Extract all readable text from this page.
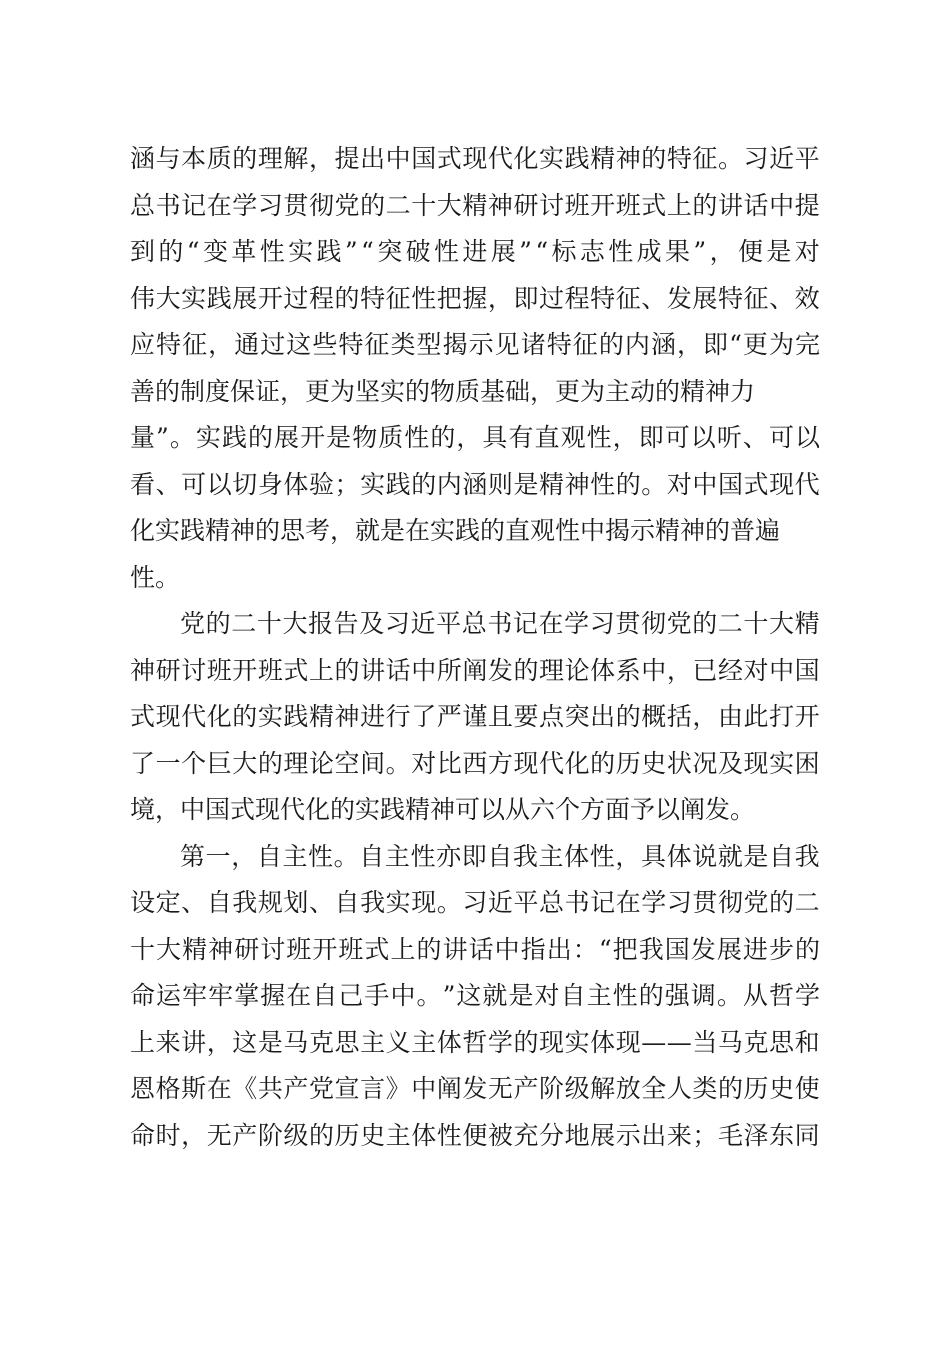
涵 与 本 质 的 理 解 ， 提 出 中 国 式 现 代 化 实 践 精 神 的 特 征 。 习 近 平
总 书 记 在 学 习 贯 彻 党 的 二 十 大 精 神 研 讨 班 开 班 式 上 的 讲 话 中 提
到 的 “ 变 革 性 实 践 ” “ 突 破 性 进 展 ” “ 标 志 性 成 果 ” ， 便 是 对
伟 大 实 践 展 开 过 程 的 特 征 性 把 握 ， 即 过 程 特 征 、 发 展 特 征 、 效
应 特 征 ， 通 过 这 些 特 征 类 型 揭 示 见 诸 特 征 的 内 涵 ， 即 “ 更 为 完
善的制度保证，更为坚实的物质基础，更为主动的精神力
量 ” 。 实 践 的 展 开 是 物 质 性 的 ， 具 有 直 观 性 ， 即 可 以 听 、 可 以
看 、 可 以 切 身 体 验 ； 实 践 的 内 涵 则 是 精 神 性 的 。 对 中 国 式 现 代
化实践精神的思考，就是在实践的直观性中揭示精神的普遍
性。
党 的 二 十 大 报 告 及 习 近 平 总 书 记 在 学 习 贯 彻 党 的 二 十 大 精
神 研 讨 班 开 班 式 上 的 讲 话 中 所 阐 发 的 理 论 体 系 中 ， 已 经 对 中 国
式 现 代 化 的 实 践 精 神 进 行 了 严 谨 且 要 点 突 出 的 概 括 ， 由 此 打 开
了 一 个 巨 大 的 理 论 空 间 。 对 比 西 方 现 代 化 的 历 史 状 况 及 现 实 困
境，中国式现代化的实践精神可以从六个方面予以阐发。
第 一 ， 自 主 性 。 自 主 性 亦 即 自 我 主 体 性 ， 具 体 说 就 是 自 我
设 定 、 自 我 规 划 、 自 我 实 现 。 习 近 平 总 书 记 在 学 习 贯 彻 党 的 二
十 大 精 神 研 讨 班 开 班 式 上 的 讲 话 中 指 出 ： “ 把 我 国 发 展 进 步 的
命 运 牢 牢 掌 握 在 自 己 手 中 。 ” 这 就 是 对 自 主 性 的 强 调 。 从 哲 学
上 来 讲 ， 这 是 马 克 思 主 义 主 体 哲 学 的 现 实 体 现 — — 当 马 克 思 和
恩 格 斯 在 《 共 产 党 宣 言 》 中 阐 发 无 产 阶 级 解 放 全 人 类 的 历 史 使
命 时 ， 无 产 阶 级 的 历 史 主 体 性 便 被 充 分 地 展 示 出 来 ； 毛 泽 东 同
